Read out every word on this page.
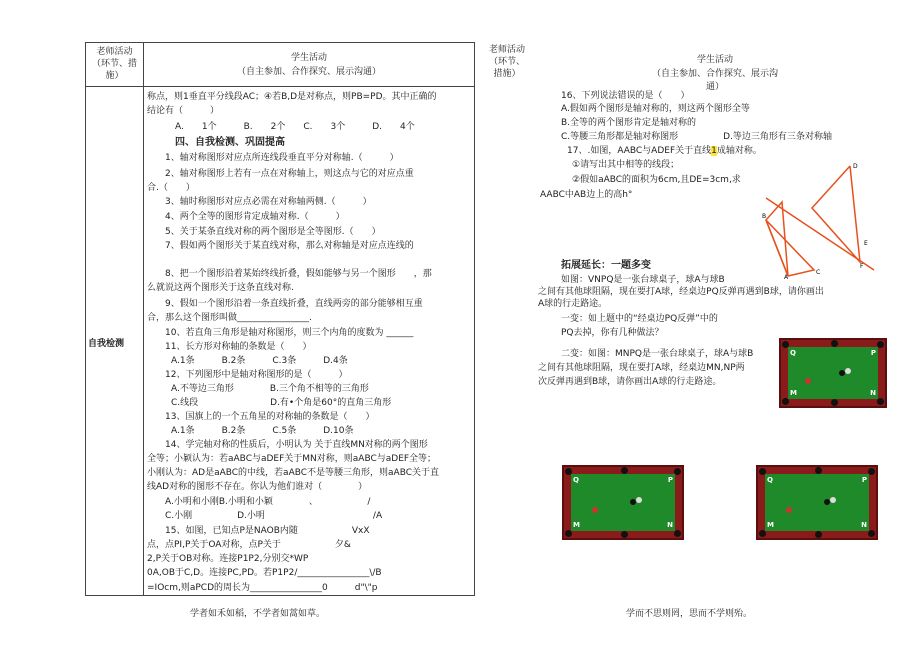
老师活动
（环节、措
施）
学生活动
（自主参加、合作探究、展示沟通）
自我检测
称点，则1垂直平分线段AC；④若B,D是对称点，则PB=PD。其中正确的
结论有（　　　）
A.　　1个　　　B.　　2个　　C.　　3个　　　D.　　4个
四、自我检测、巩固提高
1、轴对称图形对应点所连线段垂直平分对称轴.（　　　）
2、轴对称图形上若有一点在对称轴上，则这点与它的对应点重
合.（　　）
3、轴时称图形对应点必需在对称轴两侧.（　　　）
4、两个全等的图形肯定成轴对称.（　　　）
5、关于某条直线对称的两个图形是全等图形.（　　）
7、假如两个图形关于某直线对称，那么对称轴是对应点连线的
8、把一个图形沿着某始终线折叠，假如能够与另一个图形　　，那
么就说这两个图形关于这条直线对称.
9、假如一个图形沿着一条直线折叠，直线两旁的部分能够相互重
合，那么这个图形叫做________________.
10、若直角三角形是轴对称图形，则三个内角的度数为 ______
11、长方形对称轴的条数是（　　）
A.1条　　　B.2条　　　C.3条　　　D.4条
12、下列图形中是轴对称图形的是（　　　）
A.不等边三角形　　　　B.三个角不相等的三角形
C.线段　　　　　　　　D.有•个角是60°的直角三角形
13、国旗上的一个五角星的对称轴的条数是（　　）
A.1条　　　B.2条　　　C.5条　　　D.10条
14、学完轴对称的性质后，小明认为 关于直线MN对称的两个图形
全等；小颖认为：若aABC与aDEF关于MN对称，则aABC与aDEF全等；
小刚认为：AD是aABC的中线，若aABC不是等腰三角形，则aABC关于直
线AD对称的图形不存在。你认为他们谁对（　　　　）
A.小明和小刚B.小明和小颖　　　　、　　　　　　/
C.小刚　　　　　D.小明　　　　　　　　　　　　/A
15、如图，已知点P是NAOB内随　　　　　　VxX
点，点PI,P关于OA对称，点P关于　　　　　　夕&
2,P关于OB对称。连接P1P2,分别交*WP
0A,OB于C,D。连接PC,PD。若P1P2/________________\/B
=IOcm,则aPCD的周长为________________0　　　d"\"p
学者如禾如稻，不学者如蒿如草。
老师活动
（环节、
措施）
学生活动
（自主参加、合作探究、展示沟
通）
16、下列说法错误的是（　　）
A.假如两个图形是轴对称的，则这两个图形全等
B.全等的两个图形肯定是轴对称的
C.等腰三角形都是轴对称图形　　　　　D.等边三角形有三条对称轴
17、.如图，AABC与ADEF关于直线1成轴对称。
①请写出其中相等的线段；
②假如aABC的面积为6cm,且DE=3cm,求
AABC中AB边上的高h°
拓展延长：一题多变
如图：VNPQ是一张台球桌子，球A与球B
之间有其他球阻隔，现在要打A球，经桌边PQ反弹再遇到B球，请你画出
A球的行走路途。
一变：如上题中的“经桌边PQ反弹”中的
PQ去掉，你有几种做法？
二变：如图：MNPQ是一张台球桌子，球A与球B
之间有其他球阻隔，现在要打A球，经桌边MN,NP两
次反弹再遇到B球，请你画出A球的行走路途。
B
A
C
D
E
F
Q	P
M	N
Q	P
M	N
Q	P
M	N
学而不思则罔，思而不学则殆。
